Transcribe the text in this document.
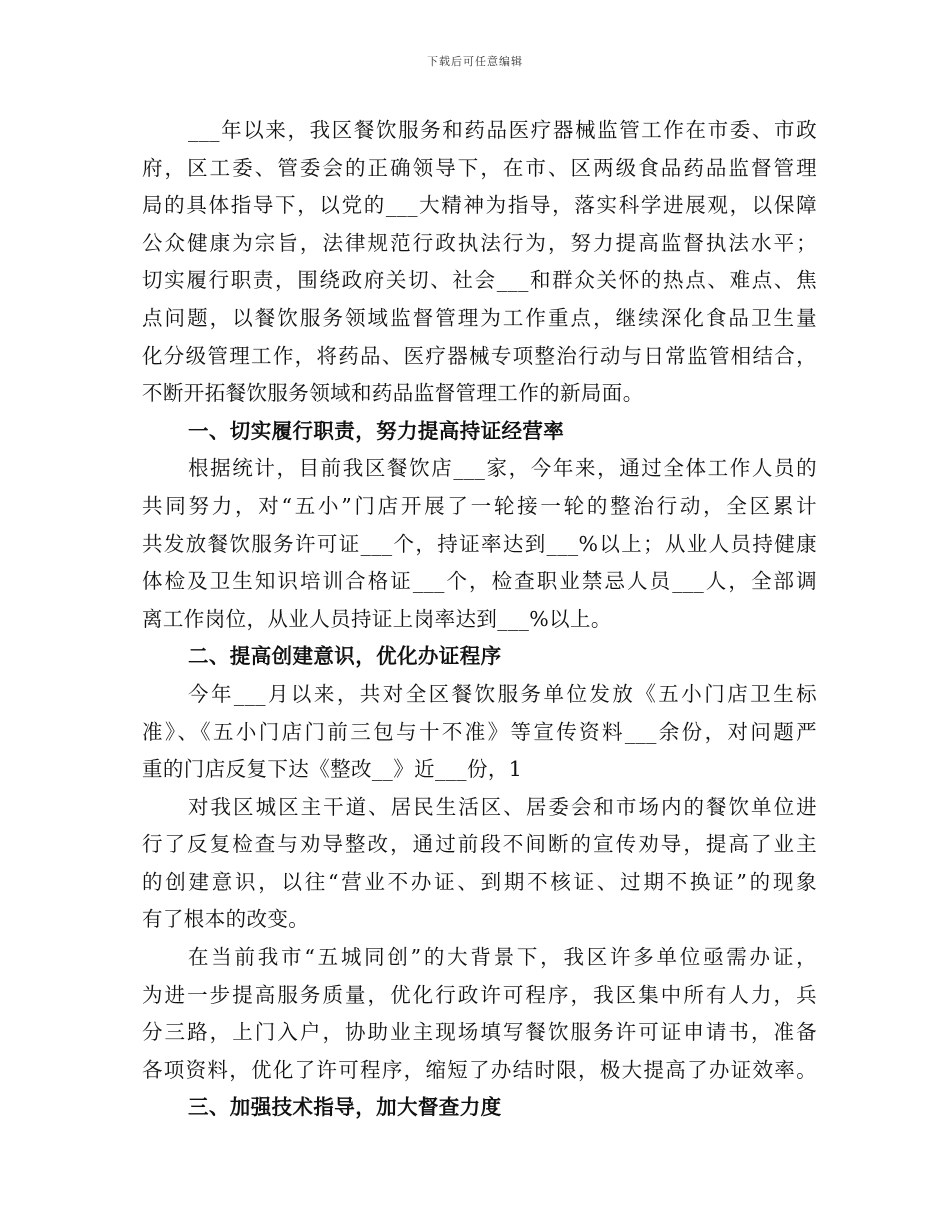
下载后可任意编辑
___年以来，我区餐饮服务和药品医疗器械监管工作在市委、市政
府，区工委、管委会的正确领导下，在市、区两级食品药品监督管理
局的具体指导下，以党的___大精神为指导，落实科学进展观，以保障
公众健康为宗旨，法律规范行政执法行为，努力提高监督执法水平；
切实履行职责，围绕政府关切、社会___和群众关怀的热点、难点、焦
点问题，以餐饮服务领域监督管理为工作重点，继续深化食品卫生量
化分级管理工作，将药品、医疗器械专项整治行动与日常监管相结合，
不断开拓餐饮服务领域和药品监督管理工作的新局面。
一、切实履行职责，努力提高持证经营率
根据统计，目前我区餐饮店___家，今年来，通过全体工作人员的
共同努力，对“五小”门店开展了一轮接一轮的整治行动，全区累计
共发放餐饮服务许可证___个，持证率达到___%以上；从业人员持健康
体检及卫生知识培训合格证___个，检查职业禁忌人员___人，全部调
离工作岗位，从业人员持证上岗率达到___%以上。
二、提高创建意识，优化办证程序
今年___月以来，共对全区餐饮服务单位发放《五小门店卫生标
准》、《五小门店门前三包与十不准》等宣传资料___余份，对问题严
重的门店反复下达《整改__》近___份，1
对我区城区主干道、居民生活区、居委会和市场内的餐饮单位进
行了反复检查与劝导整改，通过前段不间断的宣传劝导，提高了业主
的创建意识，以往“营业不办证、到期不核证、过期不换证”的现象
有了根本的改变。
在当前我市“五城同创”的大背景下，我区许多单位亟需办证，
为进一步提高服务质量，优化行政许可程序，我区集中所有人力，兵
分三路，上门入户，协助业主现场填写餐饮服务许可证申请书，准备
各项资料，优化了许可程序，缩短了办结时限，极大提高了办证效率。
三、加强技术指导，加大督查力度
